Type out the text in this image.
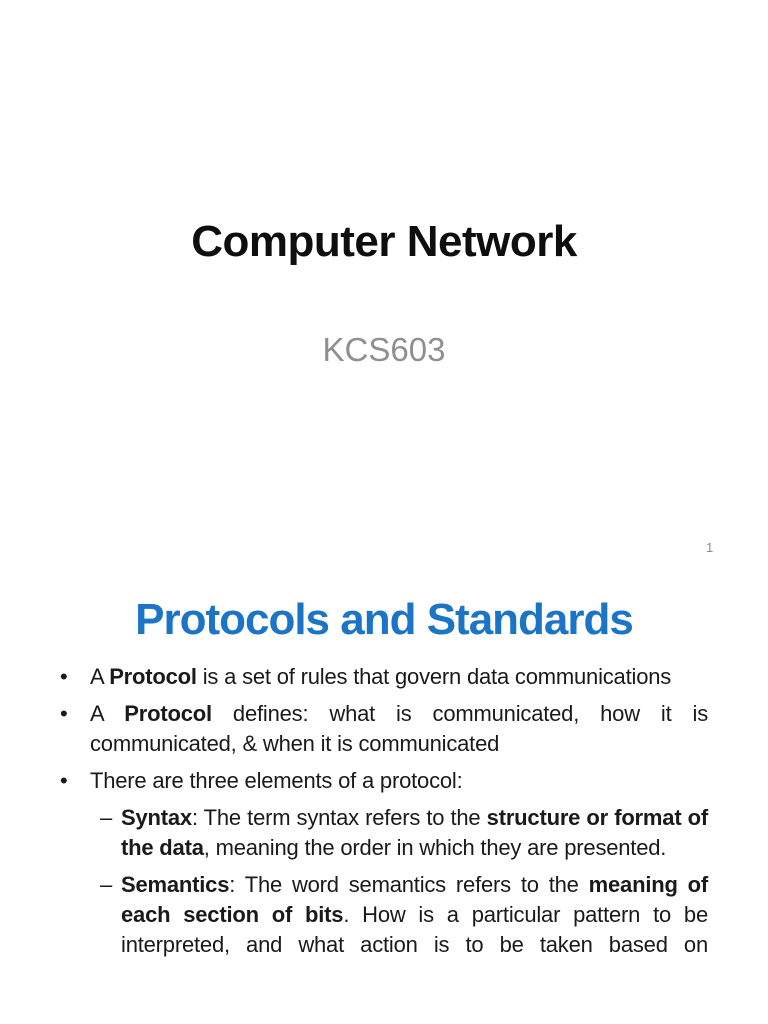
Computer Network
KCS603
1
Protocols and Standards
•	A Protocol is a set of rules that govern data communications
•	A Protocol defines: what is communicated, how it is communicated, & when it is communicated
•	There are three elements of a protocol:
– Syntax: The term syntax refers to the structure or format of the data, meaning the order in which they are presented.
– Semantics: The word semantics refers to the meaning of each section of bits. How is a particular pattern to be interpreted, and what action is to be taken based on
